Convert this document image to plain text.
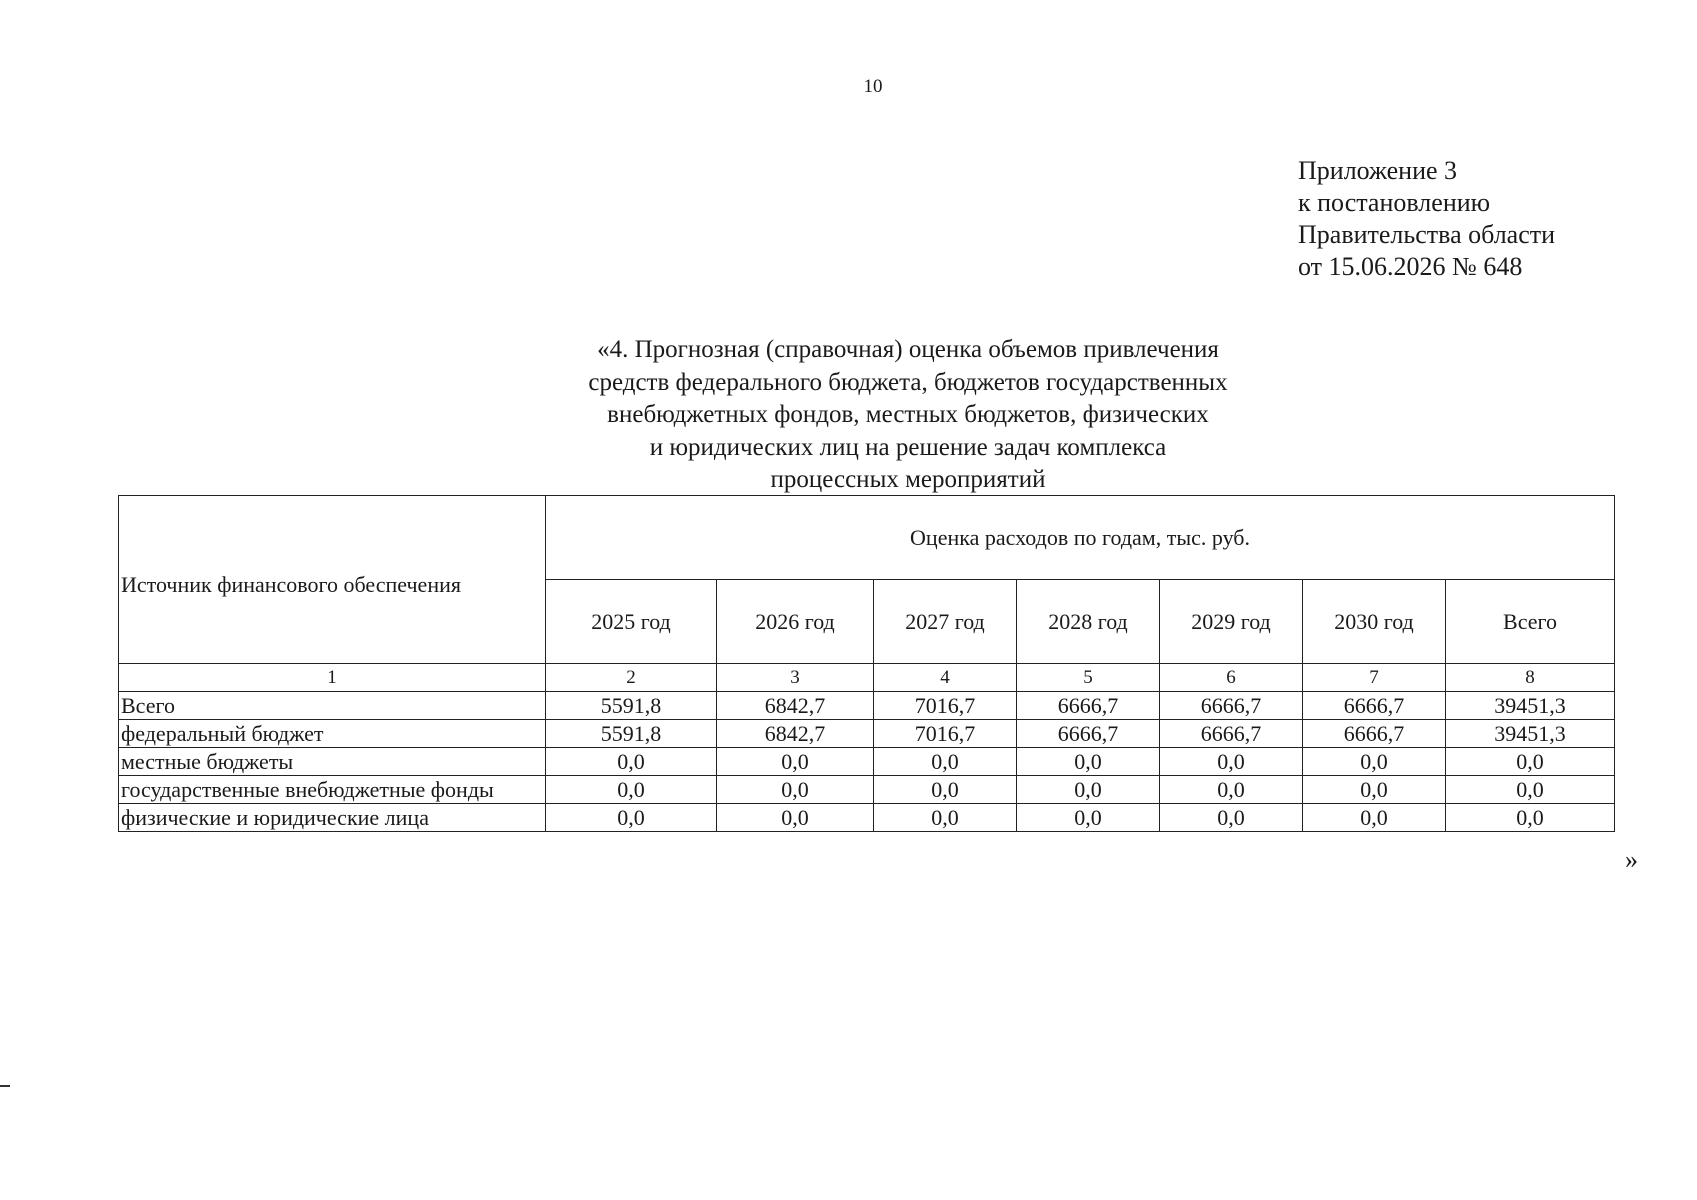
10
Приложение 3
к постановлению
Правительства области
от 15.06.2026 № 648
«4. Прогнозная (справочная) оценка объемов привлечения
средств федерального бюджета, бюджетов государственных
внебюджетных фондов, местных бюджетов, физических
и юридических лиц на решение задач комплекса
процессных мероприятий
Источник финансового обеспечения	Оценка расходов по годам, тыс. руб.						
	2025 год	2026 год	2027 год	2028 год	2029 год	2030 год	Всего
1	2	3	4	5	6	7	8
Всего	5591,8	6842,7	7016,7	6666,7	6666,7	6666,7	39451,3
федеральный бюджет	5591,8	6842,7	7016,7	6666,7	6666,7	6666,7	39451,3
местные бюджеты	0,0	0,0	0,0	0,0	0,0	0,0	0,0
государственные внебюджетные фонды	0,0	0,0	0,0	0,0	0,0	0,0	0,0
физические и юридические лица	0,0	0,0	0,0	0,0	0,0	0,0	0,0
»
